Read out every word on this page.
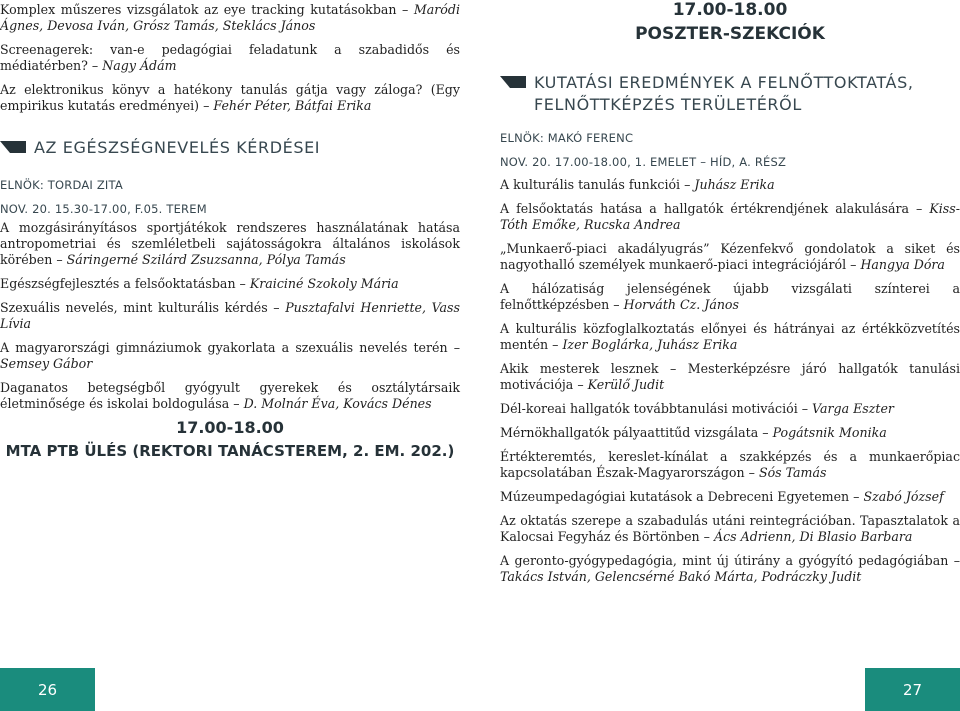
Komplex műszeres vizsgálatok az eye tracking kutatásokban – Maródi Ágnes, Devosa Iván, Grósz Tamás, Steklács János

Screenagerek: van-e pedagógiai feladatunk a szabadidős és médiatérben? – Nagy Ádám

Az elektronikus könyv a hatékony tanulás gátja vagy záloga? (Egy empirikus kutatás eredményei) – Fehér Péter, Bátfai Erika

AZ EGÉSZSÉGNEVELÉS KÉRDÉSEI

ELNÖK: TORDAI ZITA

NOV. 20. 15.30-17.00, F.05. TEREM

A mozgásirányításos sportjátékok rendszeres használatának hatása antropometriai és szemléletbeli sajátosságokra általános iskolások körében – Sáringerné Szilárd Zsuzsanna, Pólya Tamás

Egészségfejlesztés a felsőoktatásban – Kraiciné Szokoly Mária

Szexuális nevelés, mint kulturális kérdés – Pusztafalvi Henriette, Vass Lívia

A magyarországi gimnáziumok gyakorlata a szexuális nevelés terén – Semsey Gábor

Daganatos betegségből gyógyult gyerekek és osztálytársaik életminősége és iskolai boldogulása – D. Molnár Éva, Kovács Dénes

17.00-18.00

MTA PTB ÜLÉS (REKTORI TANÁCSTEREM, 2. EM. 202.)

17.00-18.00

POSZTER-SZEKCIÓK

KUTATÁSI EREDMÉNYEK A FELNŐTTOKTATÁS, FELNŐTTKÉPZÉS TERÜLETÉRŐL

ELNÖK: MAKÓ FERENC

NOV. 20. 17.00-18.00, 1. EMELET – HÍD, A. RÉSZ

A kulturális tanulás funkciói – Juhász Erika

A felsőoktatás hatása a hallgatók értékrendjének alakulására – Kiss-Tóth Emőke, Rucska Andrea

„Munkaerő-piaci akadályugrás” Kézenfekvő gondolatok a siket és nagyothalló személyek munkaerő-piaci integrációjáról – Hangya Dóra

A hálózatiság jelenségének újabb vizsgálati színterei a felnőttképzésben – Horváth Cz. János

A kulturális közfoglalkoztatás előnyei és hátrányai az értékközvetítés mentén – Izer Boglárka, Juhász Erika

Akik mesterek lesznek – Mesterképzésre járó hallgatók tanulási motivációja – Kerülő Judit

Dél-koreai hallgatók továbbtanulási motivációi – Varga Eszter

Mérnökhallgatók pályaattitűd vizsgálata – Pogátsnik Monika

Értékteremtés, kereslet-kínálat a szakképzés és a munkaerőpiac kapcsolatában Észak-Magyarországon – Sós Tamás

Múzeumpedagógiai kutatások a Debreceni Egyetemen – Szabó József

Az oktatás szerepe a szabadulás utáni reintegrációban. Tapasztalatok a Kalocsai Fegyház és Börtönben – Ács Adrienn, Di Blasio Barbara

A geronto-gyógypedagógia, mint új útirány a gyógyító pedagógiában – Takács István, Gelencsérné Bakó Márta, Podráczky Judit

26	27
